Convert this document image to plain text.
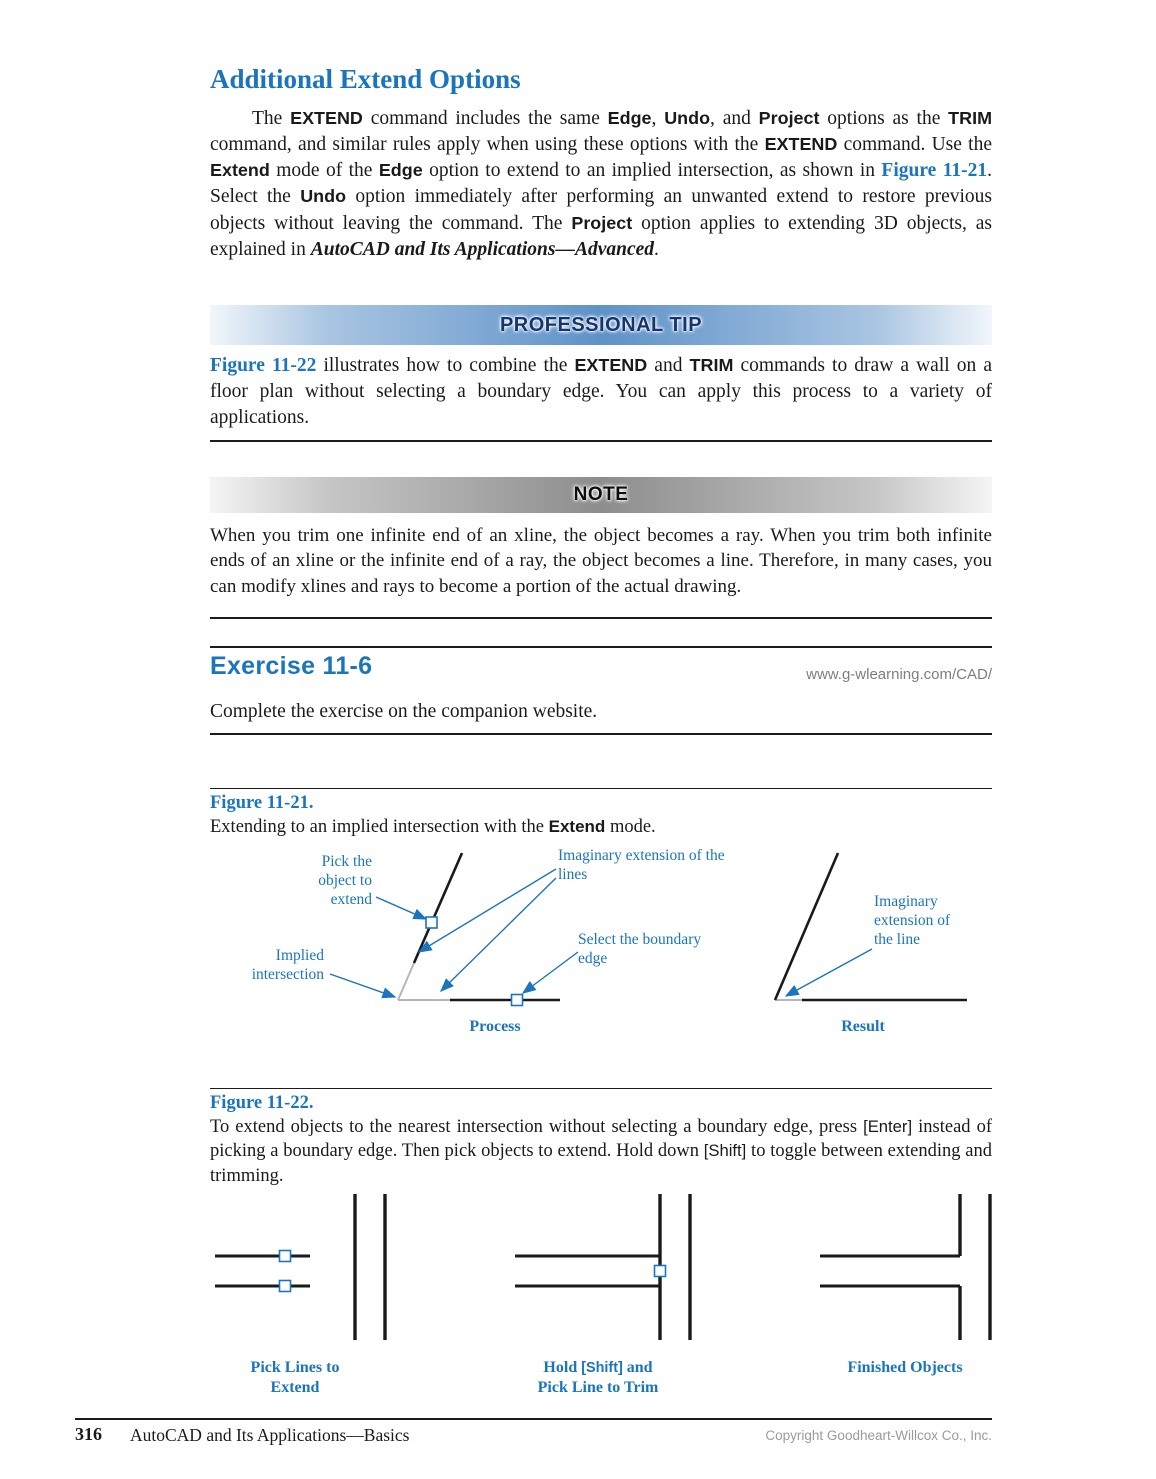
Additional Extend Options

The EXTEND command includes the same Edge, Undo, and Project options as the TRIM command, and similar rules apply when using these options with the EXTEND command. Use the Extend mode of the Edge option to extend to an implied intersection, as shown in Figure 11-21. Select the Undo option immediately after performing an unwanted extend to restore previous objects without leaving the command. The Project option applies to extending 3D objects, as explained in AutoCAD and Its Applications—Advanced.

PROFESSIONAL TIP

Figure 11-22 illustrates how to combine the EXTEND and TRIM commands to draw a wall on a floor plan without selecting a boundary edge. You can apply this process to a variety of applications.

NOTE

When you trim one infinite end of an xline, the object becomes a ray. When you trim both infinite ends of an xline or the infinite end of a ray, the object becomes a line. Therefore, in many cases, you can modify xlines and rays to become a portion of the actual drawing.

Exercise 11-6	www.g-wlearning.com/CAD/

Complete the exercise on the companion website.

Figure 11-21.

Extending to an implied intersection with the Extend mode.

Pick the object to extend
Imaginary extension of the lines
Select the boundary edge
Implied intersection
Imaginary extension of the line
Process	Result
Figure 11-22.

To extend objects to the nearest intersection without selecting a boundary edge, press [Enter] instead of picking a boundary edge. Then pick objects to extend. Hold down [Shift] to toggle between extending and trimming.

Pick Lines to Extend
Hold [Shift] and Pick Line to Trim
Finished Objects
316 AutoCAD and Its Applications—Basics	Copyright Goodheart-Willcox Co., Inc.
